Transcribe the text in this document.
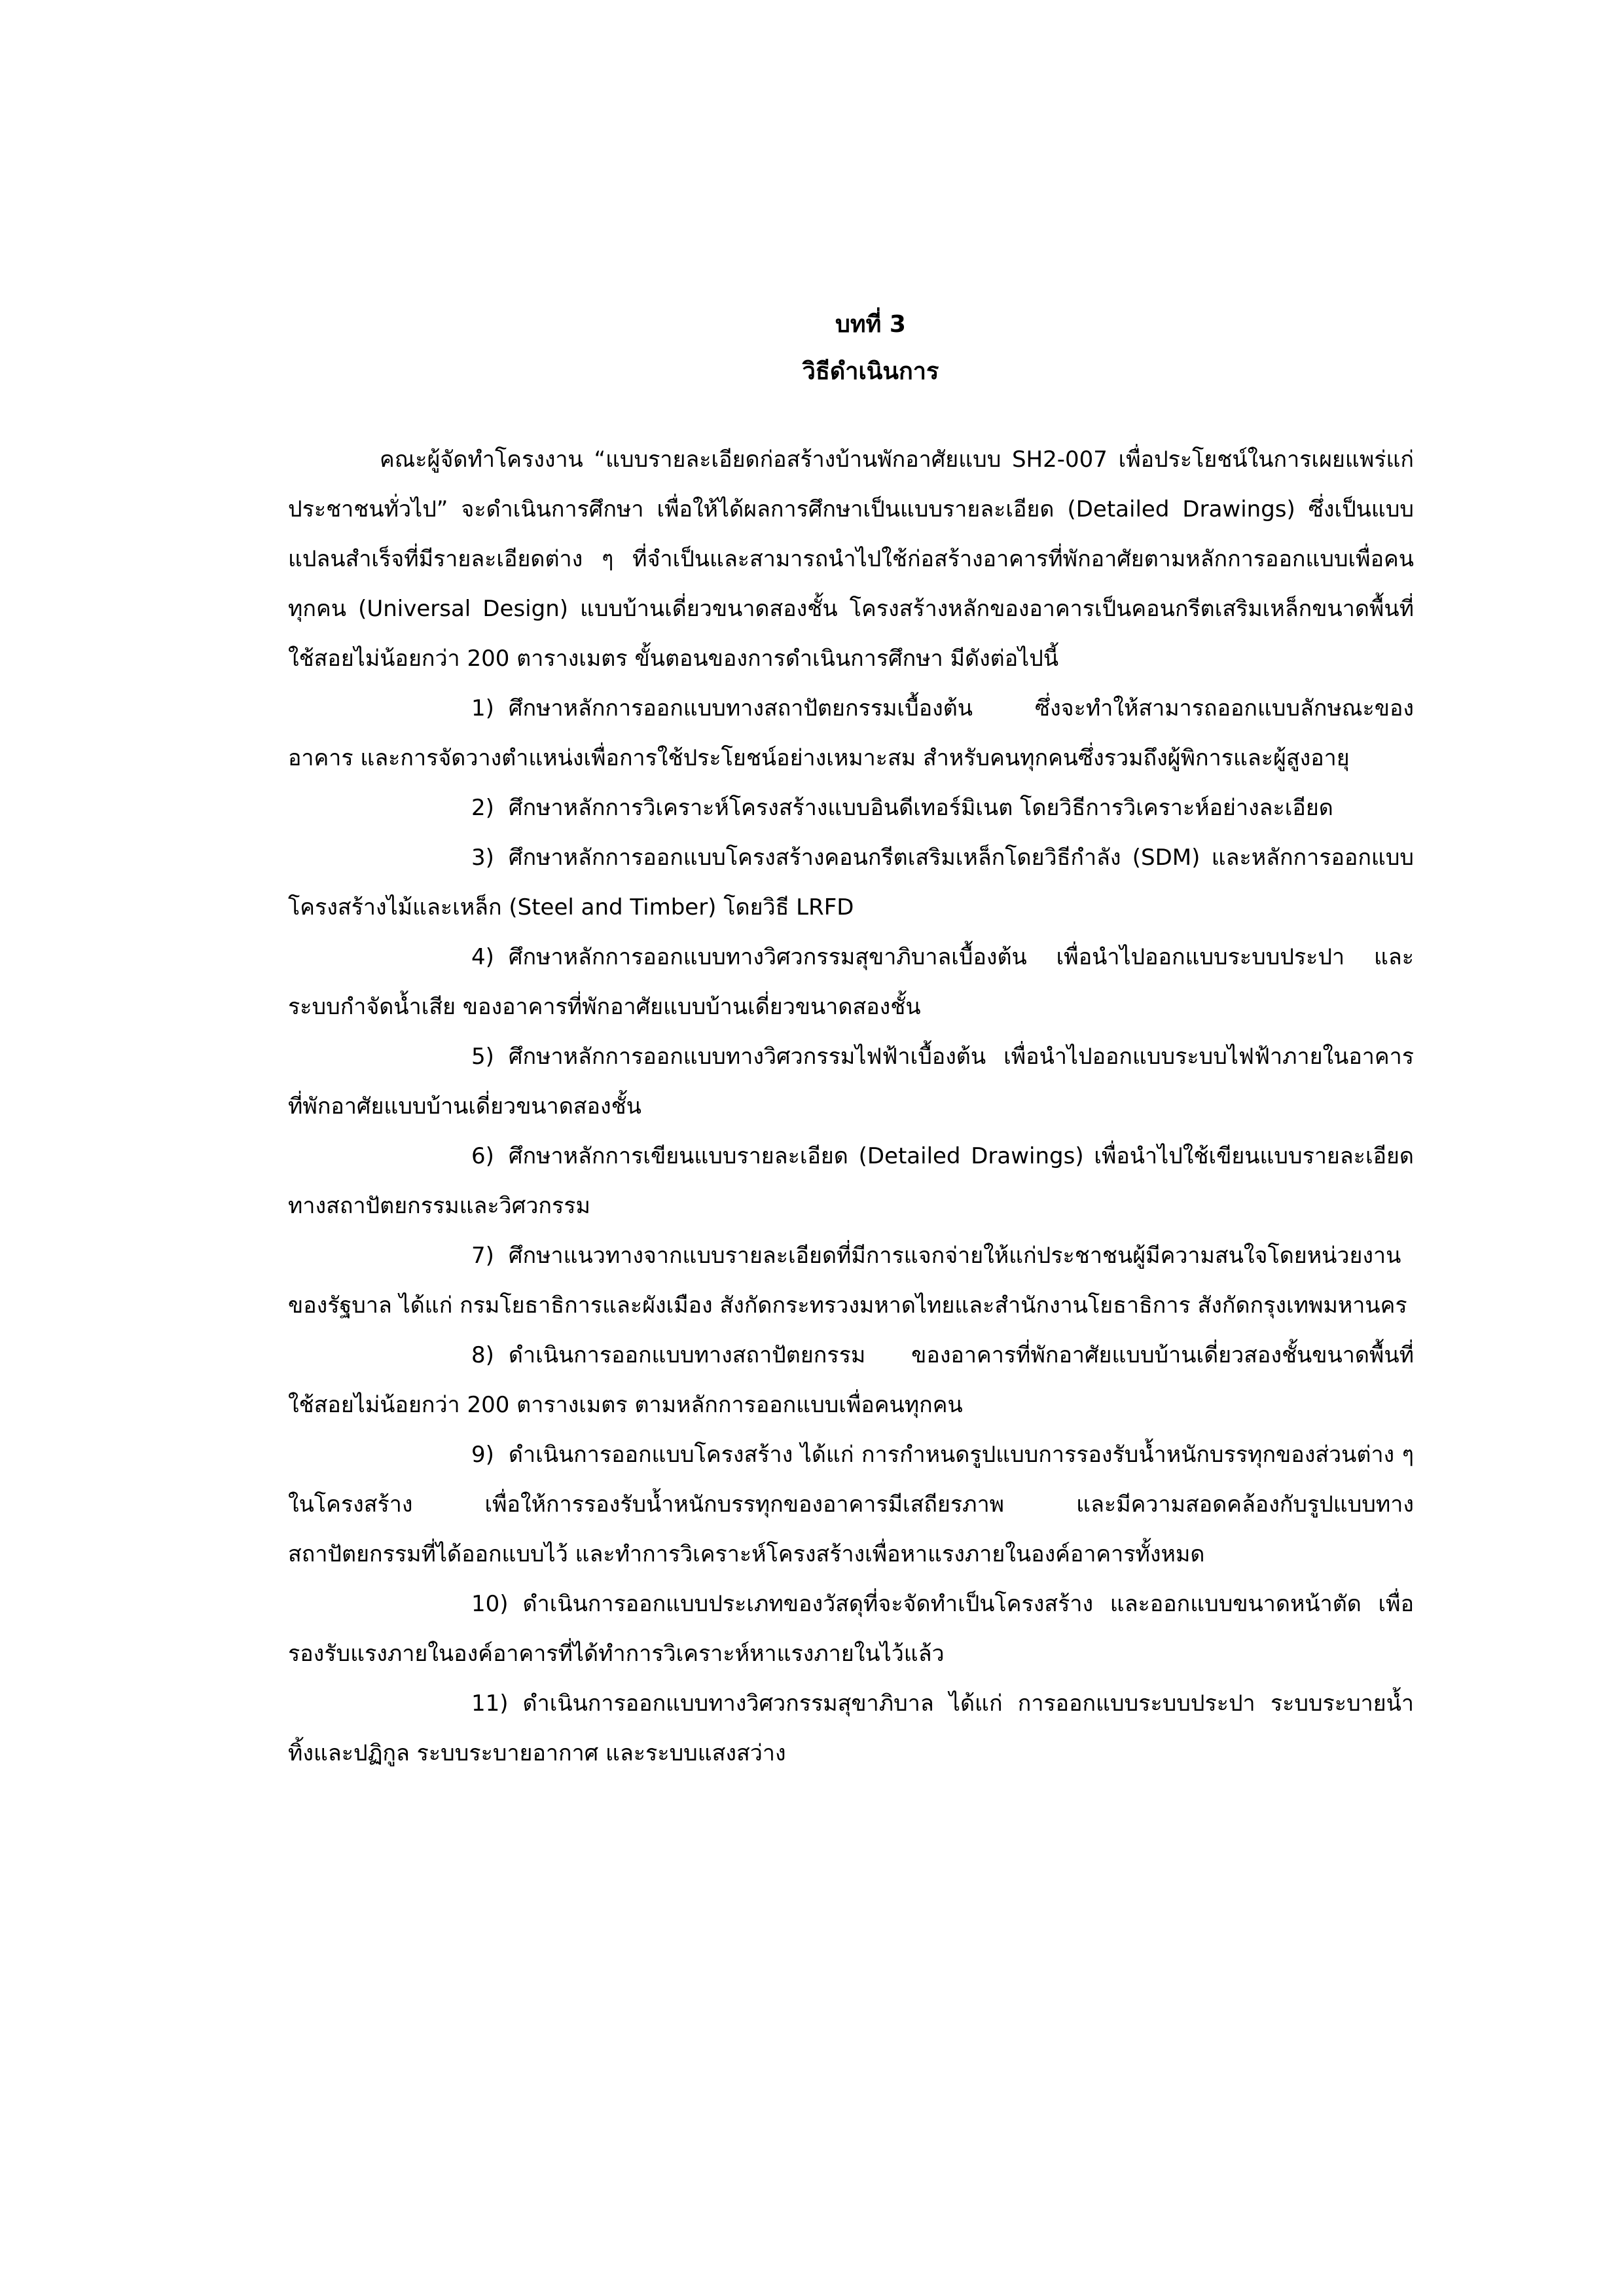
บทที่ 3

วิธีดำเนินการ

คณะผู้จัดทำโครงงาน “แบบรายละเอียดก่อสร้างบ้านพักอาศัยแบบ SH2-007 เพื่อประโยชน์ในการเผยแพร่แก่ประชาชนทั่วไป” จะดำเนินการศึกษา เพื่อให้ได้ผลการศึกษาเป็นแบบรายละเอียด (Detailed Drawings) ซึ่งเป็นแบบแปลนสำเร็จที่มีรายละเอียดต่าง ๆ ที่จำเป็นและสามารถนำไปใช้ก่อสร้างอาคารที่พักอาศัยตามหลักการออกแบบเพื่อคนทุกคน (Universal Design) แบบบ้านเดี่ยวขนาดสองชั้น โครงสร้างหลักของอาคารเป็นคอนกรีตเสริมเหล็กขนาดพื้นที่ใช้สอยไม่น้อยกว่า 200 ตารางเมตร ขั้นตอนของการดำเนินการศึกษา มีดังต่อไปนี้

1) ศึกษาหลักการออกแบบทางสถาปัตยกรรมเบื้องต้น ซึ่งจะทำให้สามารถออกแบบลักษณะของอาคาร และการจัดวางตำแหน่งเพื่อการใช้ประโยชน์อย่างเหมาะสม สำหรับคนทุกคนซึ่งรวมถึงผู้พิการและผู้สูงอายุ

2) ศึกษาหลักการวิเคราะห์โครงสร้างแบบอินดีเทอร์มิเนต โดยวิธีการวิเคราะห์อย่างละเอียด

3) ศึกษาหลักการออกแบบโครงสร้างคอนกรีตเสริมเหล็กโดยวิธีกำลัง (SDM) และหลักการออกแบบโครงสร้างไม้และเหล็ก (Steel and Timber) โดยวิธี LRFD

4) ศึกษาหลักการออกแบบทางวิศวกรรมสุขาภิบาลเบื้องต้น เพื่อนำไปออกแบบระบบประปา และระบบกำจัดน้ำเสีย ของอาคารที่พักอาศัยแบบบ้านเดี่ยวขนาดสองชั้น

5) ศึกษาหลักการออกแบบทางวิศวกรรมไฟฟ้าเบื้องต้น เพื่อนำไปออกแบบระบบไฟฟ้าภายในอาคารที่พักอาศัยแบบบ้านเดี่ยวขนาดสองชั้น

6) ศึกษาหลักการเขียนแบบรายละเอียด (Detailed Drawings) เพื่อนำไปใช้เขียนแบบรายละเอียดทางสถาปัตยกรรมและวิศวกรรม

7) ศึกษาแนวทางจากแบบรายละเอียดที่มีการแจกจ่ายให้แก่ประชาชนผู้มีความสนใจโดยหน่วยงานของรัฐบาล ได้แก่ กรมโยธาธิการและผังเมือง สังกัดกระทรวงมหาดไทยและสำนักงานโยธาธิการ สังกัดกรุงเทพมหานคร

8) ดำเนินการออกแบบทางสถาปัตยกรรม ของอาคารที่พักอาศัยแบบบ้านเดี่ยวสองชั้นขนาดพื้นที่ใช้สอยไม่น้อยกว่า 200 ตารางเมตร ตามหลักการออกแบบเพื่อคนทุกคน

9) ดำเนินการออกแบบโครงสร้าง ได้แก่ การกำหนดรูปแบบการรองรับน้ำหนักบรรทุกของส่วนต่าง ๆ ในโครงสร้าง เพื่อให้การรองรับน้ำหนักบรรทุกของอาคารมีเสถียรภาพ และมีความสอดคล้องกับรูปแบบทางสถาปัตยกรรมที่ได้ออกแบบไว้ และทำการวิเคราะห์โครงสร้างเพื่อหาแรงภายในองค์อาคารทั้งหมด

10) ดำเนินการออกแบบประเภทของวัสดุที่จะจัดทำเป็นโครงสร้าง และออกแบบขนาดหน้าตัด เพื่อรองรับแรงภายในองค์อาคารที่ได้ทำการวิเคราะห์หาแรงภายในไว้แล้ว

11) ดำเนินการออกแบบทางวิศวกรรมสุขาภิบาล ได้แก่ การออกแบบระบบประปา ระบบระบายน้ำทิ้งและปฏิกูล ระบบระบายอากาศ และระบบแสงสว่าง
